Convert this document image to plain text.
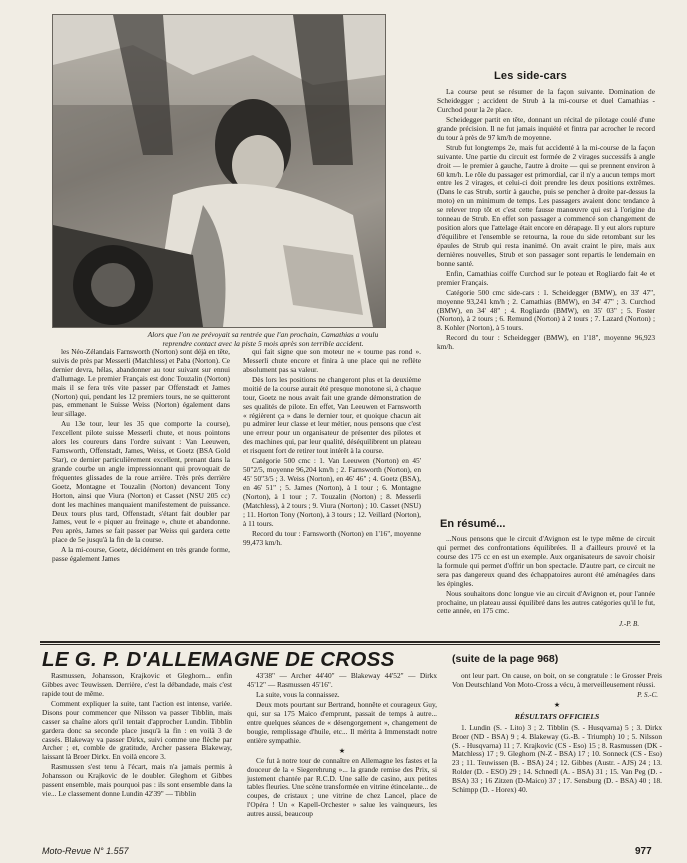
Alors que l'on ne prévoyait sa rentrée que l'an prochain, Camathias a voulu reprendre contact avec la piste 5 mois après son terrible accident.
Les side-cars

La course peut se résumer de la façon suivante. Domination de Scheidegger ; accident de Strub à la mi-course et duel Camathias - Curchod pour la 2e place.

Scheidegger partit en tête, donnant un récital de pilotage coulé d'une grande précision. Il ne fut jamais inquiété et fintra par acrocher le record du tour à près de 97 km/h de moyenne.

Strub fut longtemps 2e, mais fut accidenté à la mi-course de la façon suivante. Une partie du circuit est formée de 2 virages successifs à angle droit — le premier à gauche, l'autre à droite — qui se prennent environ à 60 km/h. Le rôle du passager est primordial, car il n'y a aucun temps mort entre les 2 virages, et celui-ci doit prendre les deux positions extrêmes. (Dans le cas Strub, sortir à gauche, puis se pencher à droite par-dessus la moto) en un minimum de temps. Les passagers avaient donc tendance à se relever trop tôt et c'est cette fausse manœuvre qui est à l'origine du tonneau de Strub. En effet son passager a commencé son changement de position alors que l'attelage était encore en dérapage. Il y eut alors rupture d'équilibre et l'ensemble se retourna, la roue du side retombant sur les épaules de Strub qui resta inanimé. On avait craint le pire, mais aux dernières nouvelles, Strub et son passager sont repartis le lendemain en bonne santé.

Enfin, Camathias coiffe Curchod sur le poteau et Rogliardo fait 4e et premier Français.

Catégorie 500 cmc side-cars : 1. Scheidegger (BMW), en 33' 47", moyenne 93,241 km/h ; 2. Camathias (BMW), en 34' 47" ; 3. Curchod (BMW), en 34' 48" ; 4. Rogliardo (BMW), en 35' 03" ; 5. Foster (Norton), à 2 tours ; 6. Remund (Norton) à 2 tours ; 7. Lazard (Norton) ; 8. Kohler (Norton), à 5 tours.

Record du tour : Scheidegger (BMW), en 1'18", moyenne 96,923 km/h.

En résumé...

...Nous pensons que le circuit d'Avignon est le type même de circuit qui permet des confrontations équilibrées. Il a d'ailleurs prouvé et la course des 175 cc en est un exemple. Aux organisateurs de savoir choisir la formule qui permet d'offrir un bon spectacle. D'autre part, ce circuit ne sera pas dangereux quand des échappatoires auront été aménagées dans les épingles.

Nous souhaitons donc longue vie au circuit d'Avignon et, pour l'année prochaine, un plateau aussi équilibré dans les autres catégories qu'il le fut, cette année, en 175 cmc.

J.-P. B.

les Néo-Zélandais Farnsworth (Norton) sont déjà en tête, suivis de près par Messerli (Matchless) et Paba (Norton). Ce dernier devra, hélas, abandonner au tour suivant sur ennui d'allumage. Le premier Français est donc Touzalin (Norton) mais il se fera très vite passer par Offenstadt et James (Norton) qui, pendant les 12 premiers tours, ne se quitteront pas, emmenant le Suisse Weiss (Norton) également dans leur sillage.

Au 13e tour, leur les 35 que comporte la course), l'excellent pilote suisse Messerli chute, et nous pointons alors les coureurs dans l'ordre suivant : Van Leeuwen, Farnsworth, Offenstadt, James, Weiss, et Goetz (BSA Gold Star), ce dernier particulièrement excellent, prenant dans la grande courbe un angle impressionnant qui provoquait de fréquentes glissades de la roue arrière. Très près derrière Goetz, Montagne et Touzalin (Norton) devancent Tony Horton, ainsi que Viura (Norton) et Casset (NSU 205 cc) dont les machines manquaient manifestement de puissance. Deux tours plus tard, Offenstadt, s'étant fait doubler par James, veut le « piquer au freinage », chute et abandonne. Peu après, James se fait passer par Weiss qui gardera cette place de 5e jusqu'à la fin de la course.

A la mi-course, Goetz, décidément en très grande forme, passe également James

qui fait signe que son moteur ne « tourne pas rond ». Messerli chute encore et finira à une place qui ne reflète absolument pas sa valeur.

Dès lors les positions ne changeront plus et la deuxième moitié de la course aurait été presque monotone si, à chaque tour, Goetz ne nous avait fait une grande démonstration de ses qualités de pilote. En effet, Van Leeuwen et Farnsworth « régièrent ça » dans le dernier tour, et quoique chacun ait pu admirer leur classe et leur métier, nous pensons que c'est une erreur pour un organisateur de présenter des pilotes et des machines qui, par leur qualité, déséquilibrent un plateau et risquent fort de retirer tout intérêt à la course.

Catégorie 500 cmc : 1. Van Leeuwen (Norton) en 45' 50"2/5, moyenne 96,204 km/h ; 2. Farnsworth (Norton), en 45' 50"3/5 ; 3. Weiss (Norton), en 46' 46" ; 4. Goetz (BSA), en 46' 51" ; 5. James (Norton), à 1 tour ; 6. Montagne (Norton), à 1 tour ; 7. Touzalin (Norton) ; 8. Messerli (Matchless), à 2 tours ; 9. Viura (Norton) ; 10. Casset (NSU) ; 11. Horton Tony (Norton), à 3 tours ; 12. Veillard (Norton), à 11 tours.

Record du tour : Farnsworth (Norton) en 1'16", moyenne 99,473 km/h.

LE G. P. D'ALLEMAGNE DE CROSS	(suite de la page 968)

Rasmussen, Johansson, Krajkovic et Gleghorn... enfin Gibbes avec Teuwissen. Derrière, c'est la débandade, mais c'est rapide tout de même.

Comment expliquer la suite, tant l'action est intense, variée. Disons pour commencer que Nilsson va passer Tibblin, mais casser sa chaîne alors qu'il tentait d'approcher Lundin. Tibblin gardera donc sa seconde place jusqu'à la fin : en voilà 3 de cassés. Blakeway va passer Dirkx, suivi comme une flèche par Archer ; et, comble de gratitude, Archer passera Blakeway, laissant là Broer Dirkx. En voilà encore 3.

Rasmussen s'est tenu à l'écart, mais n'a jamais permis à Johansson ou Krajkovic de le doubler. Gleghorn et Gibbes passent ensemble, mais pourquoi pas : ils sont ensemble dans la vie... Le classement donne Lundin 42'39" — Tibblin

43'38" — Archer 44'40" — Blakeway 44'52" — Dirkx 45'12" — Rasmussen 45'16".

La suite, vous la connaissez.

Deux mots pourtant sur Bertrand, honnête et courageux Guy, qui, sur sa 175 Maico d'emprunt, passait de temps à autre... entre quelques séances de « désengorgement », changement de bougie, remplissage d'huile, etc... Il mérita à Immenstadt notre entière sympathie.

★

Ce fut à notre tour de connaître en Allemagne les fastes et la douceur de la « Siegerehrung »... la grande remise des Prix, si justement chantée par R.C.D. Une salle de casino, aux petites tables fleuries. Une scène transformée en vitrine étincelante... de coupes, de cristaux ; une vitrine de chez Lancel, place de l'Opéra ! Un « Kapell-Orchester » salue les vainqueurs, les autres aussi, beaucoup

ont leur part. On cause, on boit, on se congratule : le Grosser Preis Von Deutschland Von Moto-Cross a vécu, à merveilleusement réussi.

P. S.-C.
★
RÉSULTATS OFFICIELS

1. Lundin (S. - Lito) 3 ; 2. Tibblin (S. - Husqvarna) 5 ; 3. Dirkx Broer (ND - BSA) 9 ; 4. Blakeway (G.-B. - Triumph) 10 ; 5. Nilsson (S. - Husqvarna) 11 ; 7. Krajkovic (CS - Eso) 15 ; 8. Rasmussen (DK - Matchless) 17 ; 9. Gleghorn (N-Z - BSA) 17 ; 10. Sonneck (CS - Eso) 23 ; 11. Teuwissen (B. - BSA) 24 ; 12. Gibbes (Austr. - AJS) 24 ; 13. Rolder (D. - ESO) 29 ; 14. Schnedl (A. - BSA) 31 ; 15. Van Peg (D. - BSA) 33 ; 16 Zitzen (D-Maico) 37 ; 17. Sensburg (D. - BSA) 40 ; 18. Schimpp (D. - Horex) 40.

Moto-Revue N° 1.557	977
